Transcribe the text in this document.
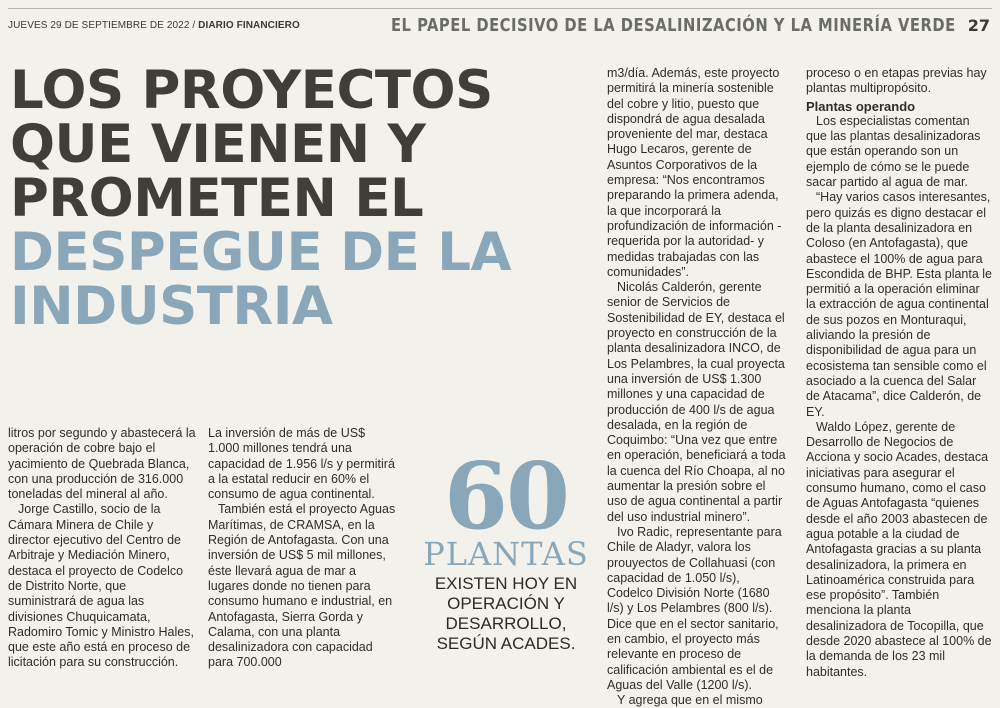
JUEVES 29 DE SEPTIEMBRE DE 2022 / DIARIO FINANCIERO	EL PAPEL DECISIVO DE LA DESALINIZACIÓN Y LA MINERÍA VERDE 27
LOS PROYECTOS
QUE VIENEN Y
PROMETEN EL
DESPEGUE DE LA
INDUSTRIA

litros por segundo y abastecerá la operación de cobre bajo el yacimiento de Quebrada Blanca, con una producción de 316.000 toneladas del mineral al año.

Jorge Castillo, socio de la Cámara Minera de Chile y director ejecutivo del Centro de Arbitraje y Mediación Minero, destaca el proyecto de Codelco de Distrito Norte, que suministrará de agua las divisiones Chuquicamata, Radomiro Tomic y Ministro Hales, que este año está en proceso de licitación para su construcción.

La inversión de más de US$ 1.000 millones tendrá una capacidad de 1.956 l/s y permitirá a la estatal reducir en 60% el consumo de agua continental.

También está el proyecto Aguas Marítimas, de CRAMSA, en la Región de Antofagasta. Con una inversión de US$ 5 mil millones, éste llevará agua de mar a lugares donde no tienen para consumo humano e industrial, en Antofagasta, Sierra Gorda y Calama, con una planta desalinizadora con capacidad para 700.000

60
PLANTAS
EXISTEN HOY EN OPERACIÓN Y DESARROLLO, SEGÚN ACADES.

m3/día. Además, este proyecto permitirá la minería sostenible del cobre y litio, puesto que dispondrá de agua desalada proveniente del mar, destaca Hugo Lecaros, gerente de Asuntos Corporativos de la empresa: “Nos encontramos preparando la primera adenda, la que incorporará la profundización de información -requerida por la autoridad- y medidas trabajadas con las comunidades”.

Nicolás Calderón, gerente senior de Servicios de Sostenibilidad de EY, destaca el proyecto en construcción de la planta desalinizadora INCO, de Los Pelambres, la cual proyecta una inversión de US$ 1.300 millones y una capacidad de producción de 400 l/s de agua desalada, en la región de Coquimbo: “Una vez que entre en operación, beneficiará a toda la cuenca del Río Choapa, al no aumentar la presión sobre el uso de agua continental a partir del uso industrial minero”.

Ivo Radic, representante para Chile de Aladyr, valora los prouyectos de Collahuasi (con capacidad de 1.050 l/s), Codelco División Norte (1680 l/s) y Los Pelambres (800 l/s). Dice que en el sector sanitario, en cambio, el proyecto más relevante en proceso de calificación ambiental es el de Aguas del Valle (1200 l/s).

Y agrega que en el mismo

proceso o en etapas previas hay plantas multipropósito.

Plantas operando

Los especialistas comentan que las plantas desalinizadoras que están operando son un ejemplo de cómo se le puede sacar partido al agua de mar.

“Hay varios casos interesantes, pero quizás es digno destacar el de la planta desalinizadora en Coloso (en Antofagasta), que abastece el 100% de agua para Escondida de BHP. Esta planta le permitió a la operación eliminar la extracción de agua continental de sus pozos en Monturaqui, aliviando la presión de disponibilidad de agua para un ecosistema tan sensible como el asociado a la cuenca del Salar de Atacama”, dice Calderón, de EY.

Waldo López, gerente de Desarrollo de Negocios de Acciona y socio Acades, destaca iniciativas para asegurar el consumo humano, como el caso de Aguas Antofagasta “quienes desde el año 2003 abastecen de agua potable a la ciudad de Antofagasta gracias a su planta desalinizadora, la primera en Latinoamérica construida para ese propósito”. También menciona la planta desalinizadora de Tocopilla, que desde 2020 abastece al 100% de la demanda de los 23 mil habitantes.
